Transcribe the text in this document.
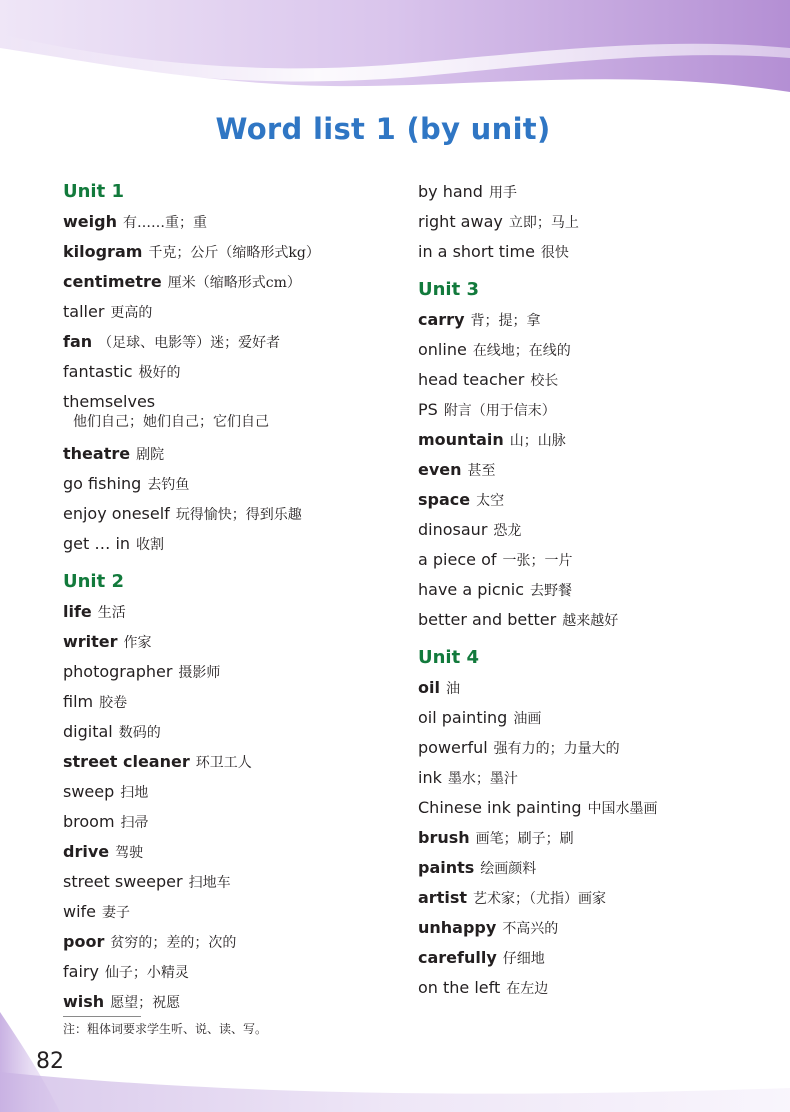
Word list 1 (by unit)
Unit 1
weigh 有……重；重
kilogram 千克；公斤（缩略形式kg）
centimetre 厘米（缩略形式cm）
taller 更高的
fan （足球、电影等）迷；爱好者
fantastic 极好的
themselves
他们自己；她们自己；它们自己
theatre 剧院
go fishing 去钓鱼
enjoy oneself 玩得愉快；得到乐趣
get … in 收割
Unit 2
life 生活
writer 作家
photographer 摄影师
film 胶卷
digital 数码的
street cleaner 环卫工人
sweep 扫地
broom 扫帚
drive 驾驶
street sweeper 扫地车
wife 妻子
poor 贫穷的；差的；次的
fairy 仙子；小精灵
wish 愿望；祝愿
by hand 用手
right away 立即；马上
in a short time 很快
Unit 3
carry 背；提；拿
online 在线地；在线的
head teacher 校长
PS 附言（用于信末）
mountain 山；山脉
even 甚至
space 太空
dinosaur 恐龙
a piece of 一张；一片
have a picnic 去野餐
better and better 越来越好
Unit 4
oil 油
oil painting 油画
powerful 强有力的；力量大的
ink 墨水；墨汁
Chinese ink painting 中国水墨画
brush 画笔；刷子；刷
paints 绘画颜料
artist 艺术家；（尤指）画家
unhappy 不高兴的
carefully 仔细地
on the left 在左边
注：粗体词要求学生听、说、读、写。
82
